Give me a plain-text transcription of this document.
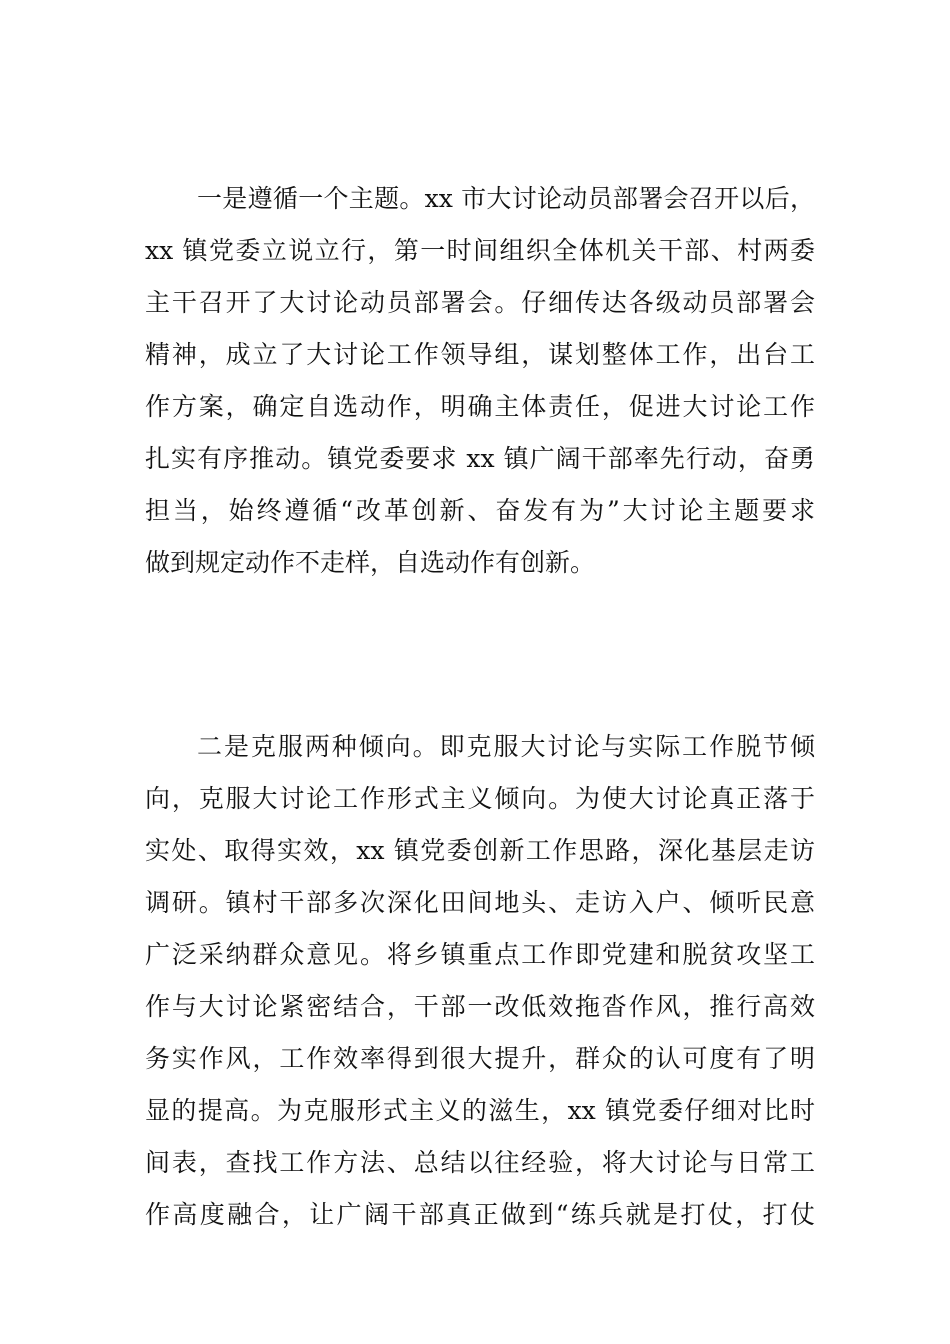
一是遵循一个主题。xx 市大讨论动员部署会召开以后，
xx 镇党委立说立行，第一时间组织全体机关干部、村两委
主干召开了大讨论动员部署会。仔细传达各级动员部署会
精神，成立了大讨论工作领导组，谋划整体工作，出台工
作方案，确定自选动作，明确主体责任，促进大讨论工作
扎实有序推动。镇党委要求 xx 镇广阔干部率先行动，奋勇
担当，始终遵循“改革创新、奋发有为”大讨论主题要求
做到规定动作不走样，自选动作有创新。
二是克服两种倾向。即克服大讨论与实际工作脱节倾
向，克服大讨论工作形式主义倾向。为使大讨论真正落于
实处、取得实效，xx 镇党委创新工作思路，深化基层走访
调研。镇村干部多次深化田间地头、走访入户、倾听民意
广泛采纳群众意见。将乡镇重点工作即党建和脱贫攻坚工
作与大讨论紧密结合，干部一改低效拖沓作风，推行高效
务实作风，工作效率得到很大提升，群众的认可度有了明
显的提高。为克服形式主义的滋生，xx 镇党委仔细对比时
间表，查找工作方法、总结以往经验，将大讨论与日常工
作高度融合，让广阔干部真正做到“练兵就是打仗，打仗
